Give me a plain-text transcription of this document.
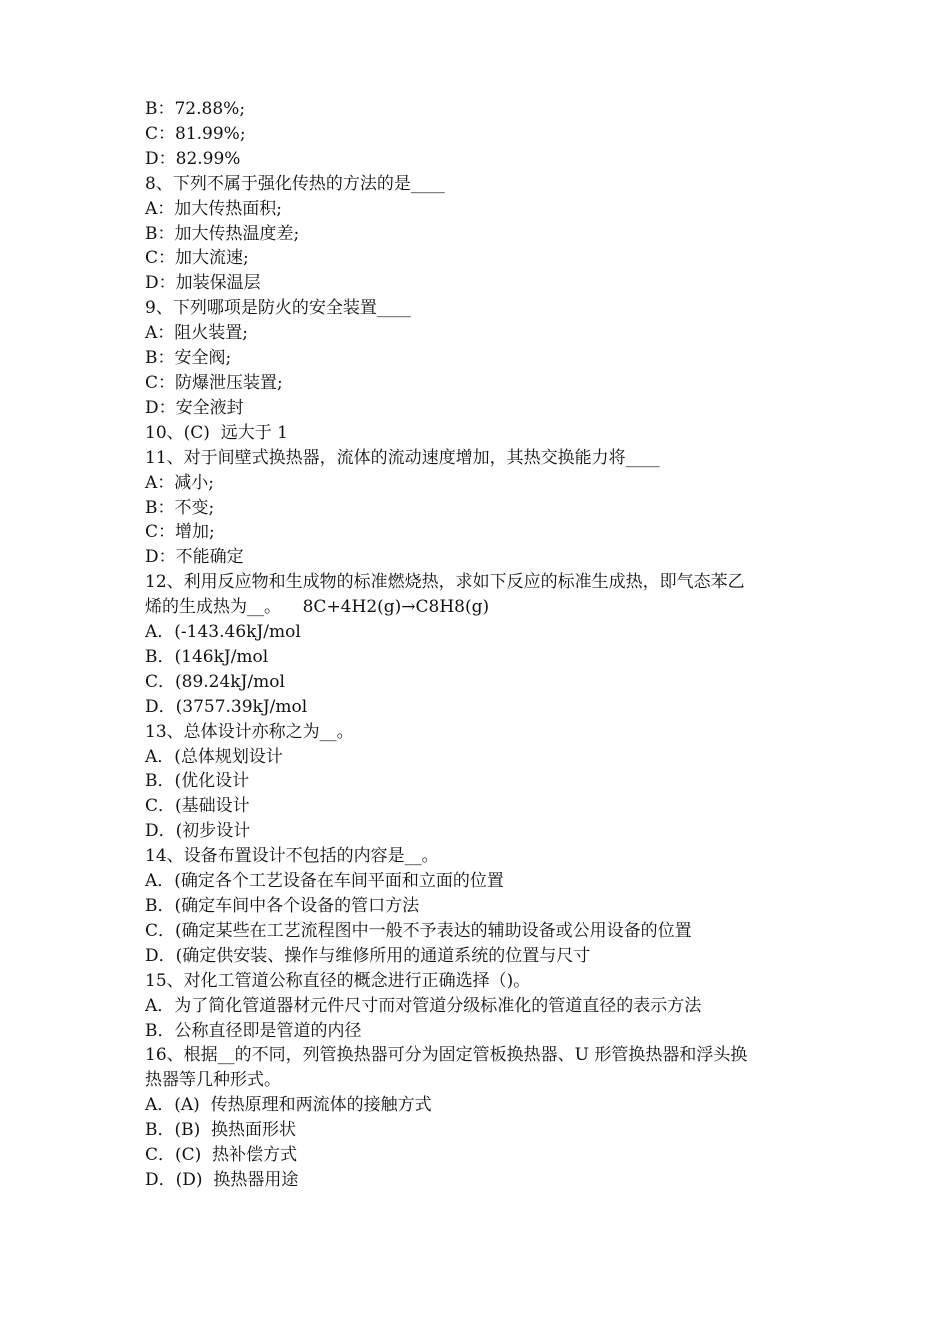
B：72.88%;
C：81.99%;
D：82.99%
8、下列不属于强化传热的方法的是____
A：加大传热面积;
B：加大传热温度差;
C：加大流速;
D：加装保温层
9、下列哪项是防火的安全装置____
A：阻火装置;
B：安全阀;
C：防爆泄压装置;
D：安全液封
10、(C)  远大于 1
11、对于间壁式换热器，流体的流动速度增加，其热交换能力将____
A：减小;
B：不变;
C：增加;
D：不能确定
12、利用反应物和生成物的标准燃烧热，求如下反应的标准生成热，即气态苯乙
烯的生成热为__。    8C+4H2(g)→C8H8(g)
A．(-143.46kJ/mol
B．(146kJ/mol
C．(89.24kJ/mol
D．(3757.39kJ/mol
13、总体设计亦称之为__。
A．(总体规划设计
B．(优化设计
C．(基础设计
D．(初步设计
14、设备布置设计不包括的内容是__。
A．(确定各个工艺设备在车间平面和立面的位置
B．(确定车间中各个设备的管口方法
C．(确定某些在工艺流程图中一般不予表达的辅助设备或公用设备的位置
D．(确定供安装、操作与维修所用的通道系统的位置与尺寸
15、对化工管道公称直径的概念进行正确选择（)。
A．为了简化管道器材元件尺寸而对管道分级标准化的管道直径的表示方法
B．公称直径即是管道的内径
16、根据__的不同，列管换热器可分为固定管板换热器、U 形管换热器和浮头换
热器等几种形式。
A．(A)  传热原理和两流体的接触方式
B．(B)  换热面形状
C．(C)  热补偿方式
D．(D)  换热器用途
